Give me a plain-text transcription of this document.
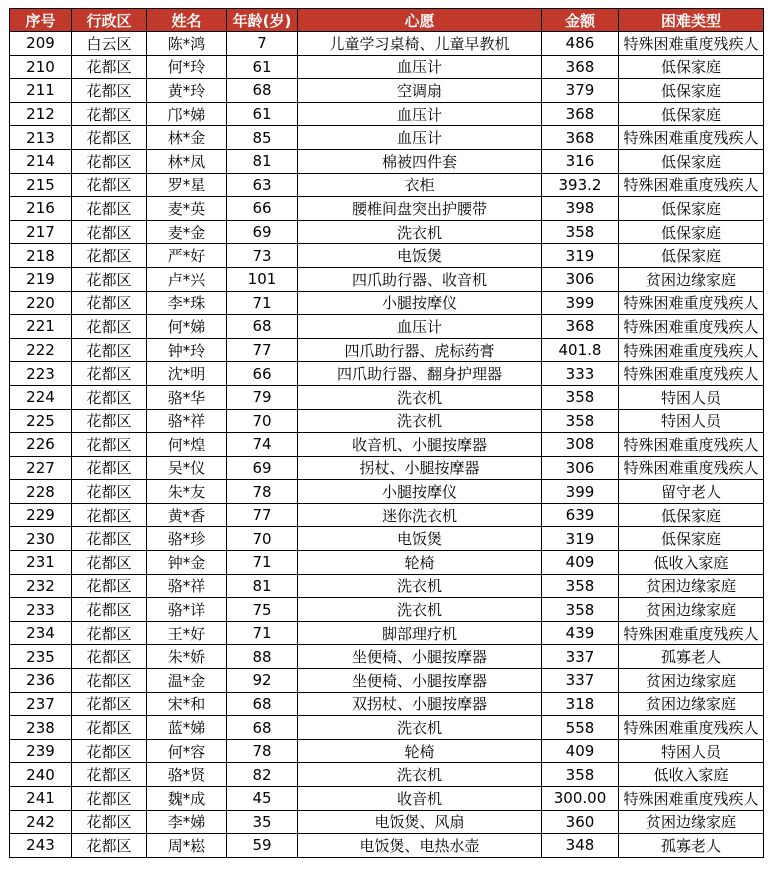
序号	行政区	姓名	年龄(岁)	心愿	金额	困难类型
209	白云区	陈*鸿	7	儿童学习桌椅、儿童早教机	486	特殊困难重度残疾人
210	花都区	何*玲	61	血压计	368	低保家庭
211	花都区	黄*玲	68	空调扇	379	低保家庭
212	花都区	邝*娣	61	血压计	368	低保家庭
213	花都区	林*金	85	血压计	368	特殊困难重度残疾人
214	花都区	林*凤	81	棉被四件套	316	低保家庭
215	花都区	罗*星	63	衣柜	393.2	特殊困难重度残疾人
216	花都区	麦*英	66	腰椎间盘突出护腰带	398	低保家庭
217	花都区	麦*金	69	洗衣机	358	低保家庭
218	花都区	严*好	73	电饭煲	319	低保家庭
219	花都区	卢*兴	101	四爪助行器、收音机	306	贫困边缘家庭
220	花都区	李*珠	71	小腿按摩仪	399	特殊困难重度残疾人
221	花都区	何*娣	68	血压计	368	特殊困难重度残疾人
222	花都区	钟*玲	77	四爪助行器、虎标药膏	401.8	特殊困难重度残疾人
223	花都区	沈*明	66	四爪助行器、翻身护理器	333	特殊困难重度残疾人
224	花都区	骆*华	79	洗衣机	358	特困人员
225	花都区	骆*祥	70	洗衣机	358	特困人员
226	花都区	何*煌	74	收音机、小腿按摩器	308	特殊困难重度残疾人
227	花都区	吴*仪	69	拐杖、小腿按摩器	306	特殊困难重度残疾人
228	花都区	朱*友	78	小腿按摩仪	399	留守老人
229	花都区	黄*香	77	迷你洗衣机	639	低保家庭
230	花都区	骆*珍	70	电饭煲	319	低保家庭
231	花都区	钟*金	71	轮椅	409	低收入家庭
232	花都区	骆*祥	81	洗衣机	358	贫困边缘家庭
233	花都区	骆*详	75	洗衣机	358	贫困边缘家庭
234	花都区	王*好	71	脚部理疗机	439	特殊困难重度残疾人
235	花都区	朱*娇	88	坐便椅、小腿按摩器	337	孤寡老人
236	花都区	温*金	92	坐便椅、小腿按摩器	337	贫困边缘家庭
237	花都区	宋*和	68	双拐杖、小腿按摩器	318	贫困边缘家庭
238	花都区	蓝*娣	68	洗衣机	558	特殊困难重度残疾人
239	花都区	何*容	78	轮椅	409	特困人员
240	花都区	骆*贤	82	洗衣机	358	低收入家庭
241	花都区	魏*成	45	收音机	300.00	特殊困难重度残疾人
242	花都区	李*娣	35	电饭煲、风扇	360	贫困边缘家庭
243	花都区	周*崧	59	电饭煲、电热水壶	348	孤寡老人
